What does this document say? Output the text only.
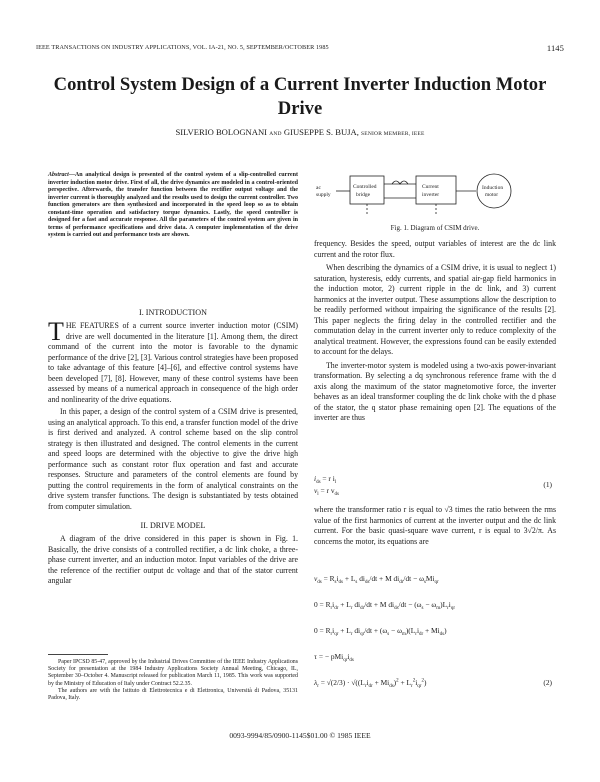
IEEE TRANSACTIONS ON INDUSTRY APPLICATIONS, VOL. IA-21, NO. 5, SEPTEMBER/OCTOBER 1985	1145
Control System Design of a Current Inverter Induction Motor Drive
SILVERIO BOLOGNANI AND GIUSEPPE S. BUJA, SENIOR MEMBER, IEEE
Abstract—An analytical design is presented of the control system of a slip-controlled current inverter induction motor drive. First of all, the drive dynamics are modeled in a control-oriented perspective. Afterwards, the transfer function between the rectifier output voltage and the inverter current is thoroughly analyzed and the results used to design the current controller. Two function generators are then synthesized and incorporated in the speed loop so as to obtain constant-time operation and satisfactory torque dynamics. Lastly, the speed controller is designed for a fast and accurate response. All the parameters of the control system are given in terms of performance specifications and drive data. A computer implementation of the drive system is carried out and performance tests are shown.
I. INTRODUCTION

THE FEATURES of a current source inverter induction motor (CSIM) drive are well documented in the literature [1]. Among them, the direct command of the current into the motor is favorable to the dynamic performance of the drive [2], [3]. Various control strategies have been proposed to take advantage of this feature [4]–[6], and effective control systems have been developed [7], [8]. However, many of these control systems have been assessed by means of a numerical approach in consequence of the high order and nonlinearity of the drive equations.

In this paper, a design of the control system of a CSIM drive is presented, using an analytical approach. To this end, a transfer function model of the drive is first derived and analyzed. A control scheme based on the slip control strategy is then illustrated and designed. The control elements in the current and speed loops are determined with the objective to give the drive high performance such as constant rotor flux operation and fast and accurate responses. Structure and parameters of the control elements are found by putting the control requirements in the form of analytical constraints on the drive system transfer functions. The design is substantiated by tests obtained from computer simulation.

II. DRIVE MODEL

A diagram of the drive considered in this paper is shown in Fig. 1. Basically, the drive consists of a controlled rectifier, a dc link choke, a three-phase current inverter, and an induction motor. Input variables of the drive are the reference of the rectifier output dc voltage and that of the stator current angular

Paper IPCSD 85-47, approved by the Industrial Drives Committee of the IEEE Industry Applications Society for presentation at the 1984 Industry Applications Society Annual Meeting, Chicago, IL, September 30–October 4. Manuscript released for publication March 11, 1985. This work was supported by the Ministry of Education of Italy under Contract 52.2.35.

The authors are with the Istituto di Elettrotecnica e di Elettronica, Università di Padova, 35131 Padova, Italy.

ac
supply
Controlled
bridge
Current
inverter
Induction
motor
Fig. 1. Diagram of CSIM drive.

frequency. Besides the speed, output variables of interest are the dc link current and the rotor flux.

When describing the dynamics of a CSIM drive, it is usual to neglect 1) saturation, hysteresis, eddy currents, and spatial air-gap field harmonics in the induction motor, 2) current ripple in the dc link, and 3) current harmonics at the inverter output. These assumptions allow the description to be readily performed without impairing the significance of the results [2]. This paper neglects the firing delay in the controlled rectifier and the commutation delay in the current inverter only to reduce complexity of the analytical treatment. However, the expressions found can be easily extended to account for the delays.

The inverter-motor system is modeled using a two-axis power-invariant transformation. By selecting a dq synchronous reference frame with the d axis along the maximum of the stator magnetomotive force, the inverter behaves as an ideal transformer coupling the dc link choke with the d phase of the stator, the q stator phase remaining open [2]. The equations of the inverter are thus

$i_{ds} = r$ $i_l$
$v_l = r$ $v_{ds}$
(1)

where the transformer ratio r is equal to √3 times the ratio between the rms value of the first harmonics of current at the inverter output and the dc link current. For the basic quasi-square wave current, r is equal to 3√2/π. As concerns the motor, its equations are

$v_{ds} = R_si_{ds} + L_s$ $di_{ds}/dt + M$ $di_{dr}/dt - \omega_sMi_{qr}$
$0 = R_ri_{dr} + L_r$ $di_{dr}/dt + M$ $di_{ds}/dt - (\omega_s - \omega_m)L_ri_{qr}$
$0 = R_ri_{qr} + L_r$ $di_{qr}/dt + (\omega_s - \omega_m)(L_ri_{dr} + Mi_{ds})$
τ = − $pMi_{qr}i_{ds}$
$\lambda_r = √(2/3) \cdot √((L_ri_{dr} + Mi_{ds})^2 + L_r^2i_{qr}^2)$	(2)
0093-9994/85/0900-1145$01.00 © 1985 IEEE
